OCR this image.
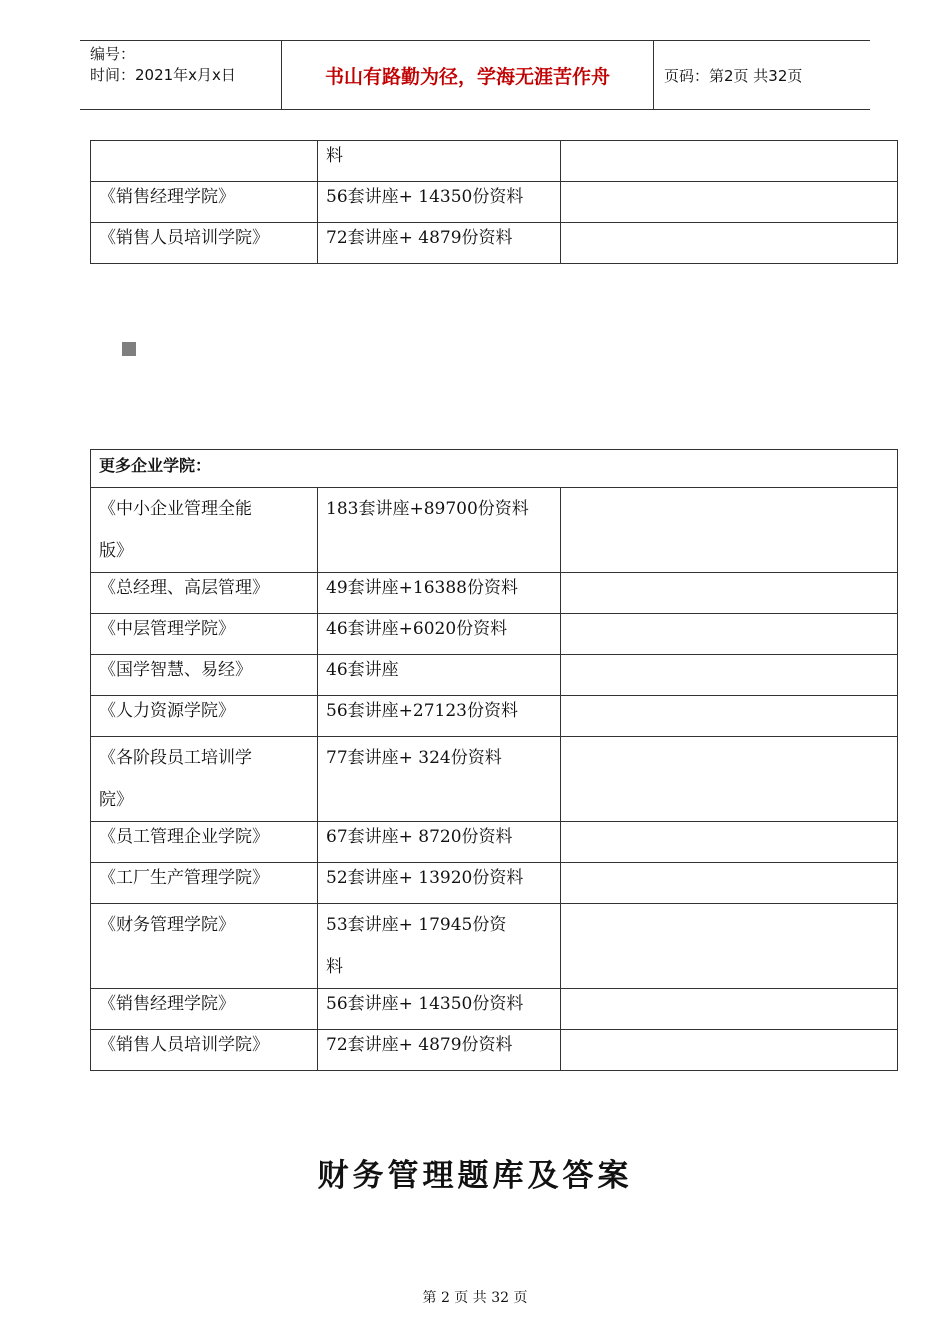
编号：
时间：2021年x月x日	书山有路勤为径，学海无涯苦作舟	页码：第2页 共32页
	料	
《销售经理学院》	56套讲座+ 14350份资料	
《销售人员培训学院》	72套讲座+ 4879份资料	
更多企业学院：		
《中小企业管理全能
版》	183套讲座+89700份资料	
《总经理、高层管理》	49套讲座+16388份资料	
《中层管理学院》	46套讲座+6020份资料	
《国学智慧、易经》	46套讲座	
《人力资源学院》	56套讲座+27123份资料	
《各阶段员工培训学
院》	77套讲座+ 324份资料	
《员工管理企业学院》	67套讲座+ 8720份资料	
《工厂生产管理学院》	52套讲座+ 13920份资料	
《财务管理学院》	53套讲座+ 17945份资
料	
《销售经理学院》	56套讲座+ 14350份资料	
《销售人员培训学院》	72套讲座+ 4879份资料	
财务管理题库及答案
第 2 页 共 32 页
